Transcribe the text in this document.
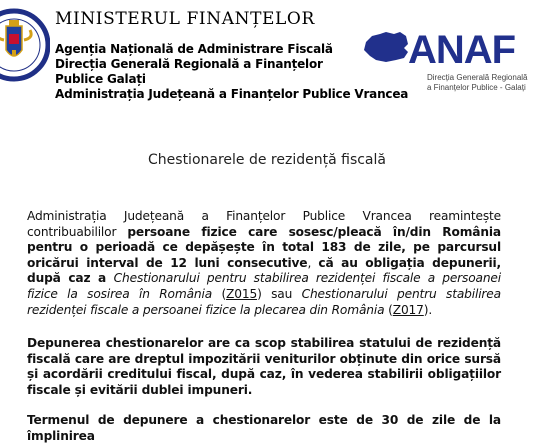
MINISTERUL FINANȚELOR
Agenția Națională de Administrare Fiscală
Direcția Generală Regională a Finanțelor
Publice Galați
Administrația Județeană a Finanțelor Publice Vrancea
ANAF
Direcția Generală Regională
a Finanțelor Publice - Galați
Chestionarele de rezidență fiscală
Administrația Județeană a Finanțelor Publice Vrancea reamintește contribuabililor persoane fizice care sosesc/pleacă în/din România pentru o perioadă ce depășește în total 183 de zile, pe parcursul oricărui interval de 12 luni consecutive, că au obligația depunerii, după caz a Chestionarului pentru stabilirea rezidenței fiscale a persoanei fizice la sosirea în România (Z015) sau Chestionarului pentru stabilirea rezidenței fiscale a persoanei fizice la plecarea din România (Z017).
Depunerea chestionarelor are ca scop stabilirea statului de rezidență fiscală care are dreptul impozitării veniturilor obținute din orice sursă și acordării creditului fiscal, după caz, în vederea stabilirii obligațiilor fiscale și evitării dublei impuneri.
Termenul de depunere a chestionarelor este de 30 de zile de la împlinirea
